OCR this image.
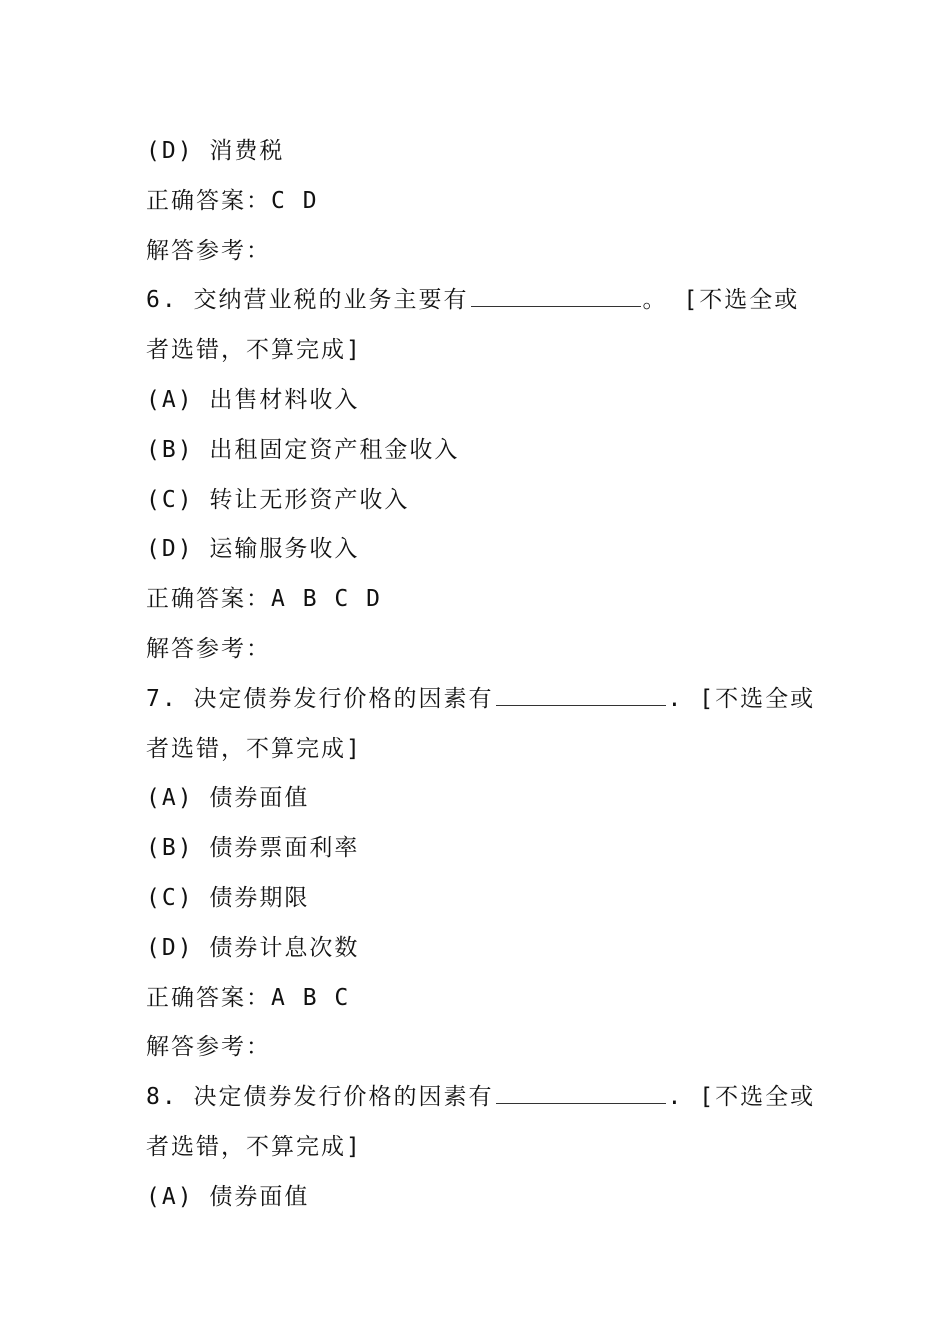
(D) 消费税
正确答案：C D
解答参考：
6. 交纳营业税的业务主要有	。 [不选全或
者选错，不算完成]
(A) 出售材料收入
(B) 出租固定资产租金收入
(C) 转让无形资产收入
(D) 运输服务收入
正确答案：A B C D
解答参考：
7. 决定债券发行价格的因素有	. [不选全或
者选错，不算完成]
(A) 债券面值
(B) 债券票面利率
(C) 债券期限
(D) 债券计息次数
正确答案：A B C
解答参考：
8. 决定债券发行价格的因素有	. [不选全或
者选错，不算完成]
(A) 债券面值
